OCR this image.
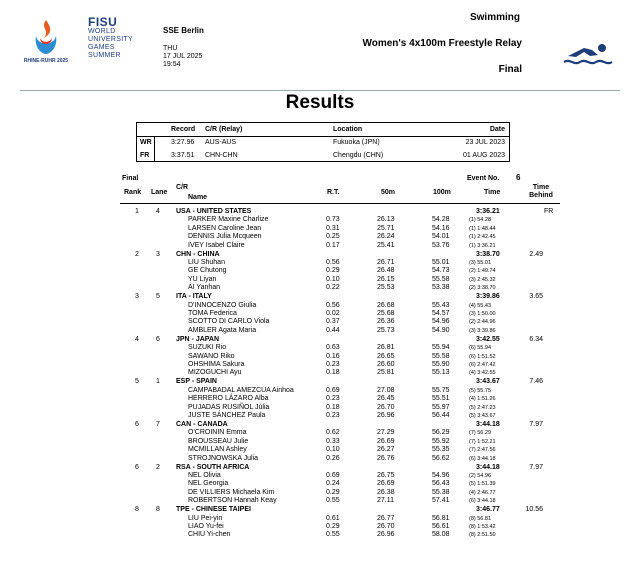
RHINE-RUHR 2025
FISU
WORLD
UNIVERSITY
GAMES
SUMMER
SSE Berlin
THU
17 JUL 2025
19:54
Swimming
Women's 4x100m Freestyle Relay
Final
Results
Record C/R (Relay)	Location	Date
WR	3:27.96 AUS-AUS	Fukuoka (JPN)	23 JUL 2023
FR	3:37.51 CHN-CHN	Chengdu (CHN)	01 AUG 2023
Final	Event No. 6
Rank Lane
C/R
Name
R.T.	50m	100m	Time
Time
Behind
1 4 USA - UNITED STATES	3:36.21	FR
PARKER Maxine Charlize	0.73	26.13	54.28	(1) 54.28
LARSEN Caroline Jean	0.31	25.71	54.16	(1) 1:48.44
DENNIS Julia Mcqueen	0.25	26.24	54.01	(1) 2:42.45
IVEY Isabel Claire	0.17	25.41	53.76	(1) 3:36.21
2 3 CHN - CHINA	3:38.70	2.49
LIU Shuhan	0.56	26.71	55.01	(3) 55.01
GE Chutong	0.29	26.48	54.73	(2) 1:49.74
YU Liyan	0.10	26.15	55.58	(3) 2:45.32
AI Yanhan	0.22	25.53	53.38	(2) 3:38.70
3 5 ITA - ITALY	3:39.86	3.65
D'INNOCENZO Giulia	0.56	26.68	55.43	(4) 55.43
TOMA Federica	0.02	25.68	54.57	(3) 1:50.00
SCOTTO DI CARLO Viola	0.37	26.36	54.96	(2) 2:44.96
AMBLER Agata Maria	0.44	25.73	54.90	(3) 3:39.86
4 6 JPN - JAPAN	3:42.55	6.34
SUZUKI Rio	0.63	26.81	55.94	(6) 55.94
SAWANO Riko	0.16	26.65	55.58	(6) 1:51.52
OHSHIMA Sakura	0.23	26.60	55.90	(6) 2:47.42
MIZOGUCHI Ayu	0.18	25.81	55.13	(4) 3:42.55
5 1 ESP - SPAIN	3:43.67	7.46
CAMPABADAL AMEZCUA Ainhoa	0.69	27.08	55.75	(5) 55.75
HERRERO LÁZARO Alba	0.23	26.45	55.51	(4) 1:51.26
PUJADAS RUSIÑOL Júlia	0.18	26.70	55.97	(5) 2:47.23
JUSTE SÁNCHEZ Paula	0.23	26.96	56.44	(5) 3:43.67
6 7 CAN - CANADA	3:44.18	7.97
O'CROININ Emma	0.62	27.29	56.29	(7) 56.29
BROUSSEAU Julie	0.33	26.69	55.92	(7) 1:52.21
MCMILLAN Ashley	0.10	26.27	55.35	(7) 2:47.56
STROJNOWSKA Julia	0.26	26.76	56.62	(6) 3:44.18
6 2 RSA - SOUTH AFRICA	3:44.18	7.97
NEL Olivia	0.69	26.75	54.96	(2) 54.96
NEL Georgia	0.24	26.69	56.43	(5) 1:51.39
DE VILLIERS Michaela Kim	0.29	26.38	55.38	(4) 2:46.77
ROBERTSON Hannah Keay	0.55	27.11	57.41	(6) 3:44.18
8 8 TPE - CHINESE TAIPEI	3:46.77	10.56
LIU Pei-yin	0.61	26.77	56.81	(8) 56.81
LIAO Yu-fei	0.29	26.70	56.61	(8) 1:53.42
CHIU Yi-chen	0.55	26.96	58.08	(8) 2:51.50
